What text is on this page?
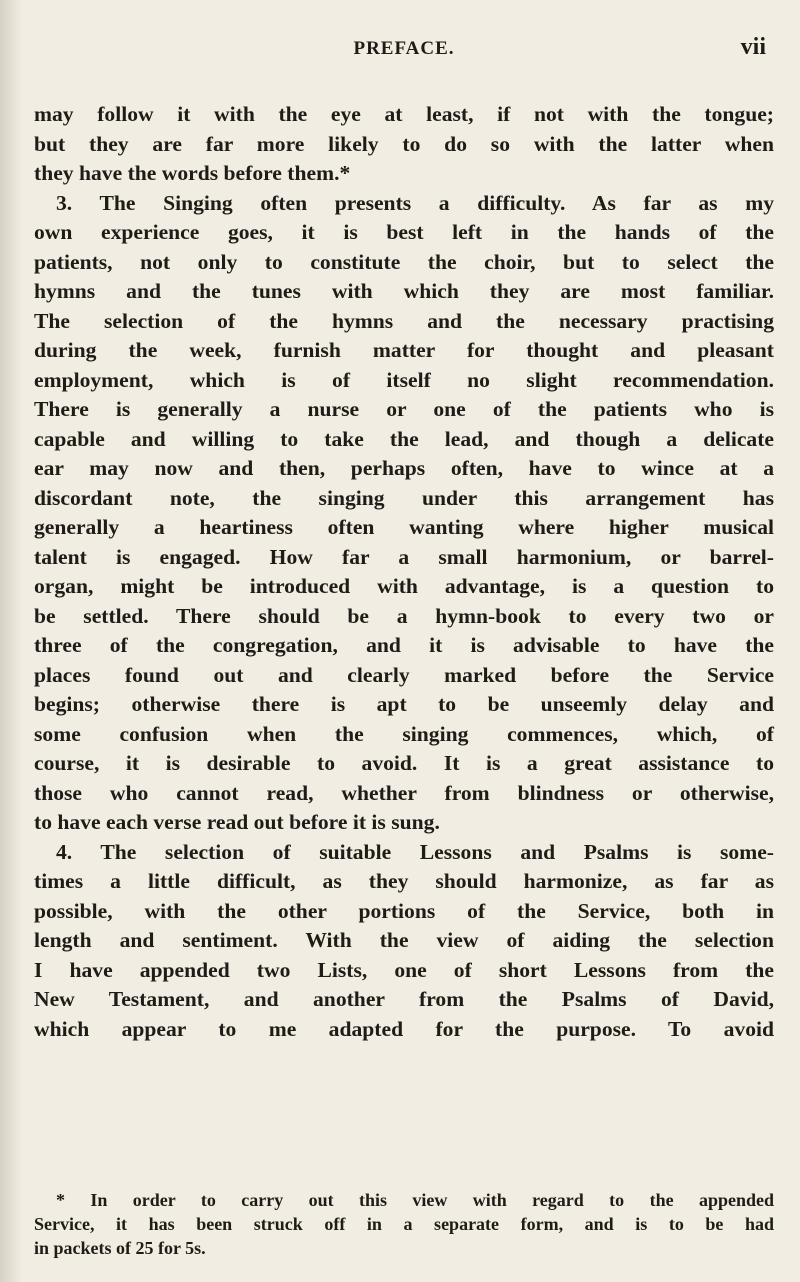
PREFACE.	vii
may follow it with the eye at least, if not with the tongue;
but they are far more likely to do so with the latter when
they have the words before them.*
3. The Singing often presents a difficulty. As far as my
own experience goes, it is best left in the hands of the
patients, not only to constitute the choir, but to select the
hymns and the tunes with which they are most familiar.
The selection of the hymns and the necessary practising
during the week, furnish matter for thought and pleasant
employment, which is of itself no slight recommendation.
There is generally a nurse or one of the patients who is
capable and willing to take the lead, and though a delicate
ear may now and then, perhaps often, have to wince at a
discordant note, the singing under this arrangement has
generally a heartiness often wanting where higher musical
talent is engaged. How far a small harmonium, or barrel-
organ, might be introduced with advantage, is a question to
be settled. There should be a hymn-book to every two or
three of the congregation, and it is advisable to have the
places found out and clearly marked before the Service
begins; otherwise there is apt to be unseemly delay and
some confusion when the singing commences, which, of
course, it is desirable to avoid. It is a great assistance to
those who cannot read, whether from blindness or otherwise,
to have each verse read out before it is sung.
4. The selection of suitable Lessons and Psalms is some-
times a little difficult, as they should harmonize, as far as
possible, with the other portions of the Service, both in
length and sentiment. With the view of aiding the selection
I have appended two Lists, one of short Lessons from the
New Testament, and another from the Psalms of David,
which appear to me adapted for the purpose. To avoid
* In order to carry out this view with regard to the appended
Service, it has been struck off in a separate form, and is to be had
in packets of 25 for 5s.
